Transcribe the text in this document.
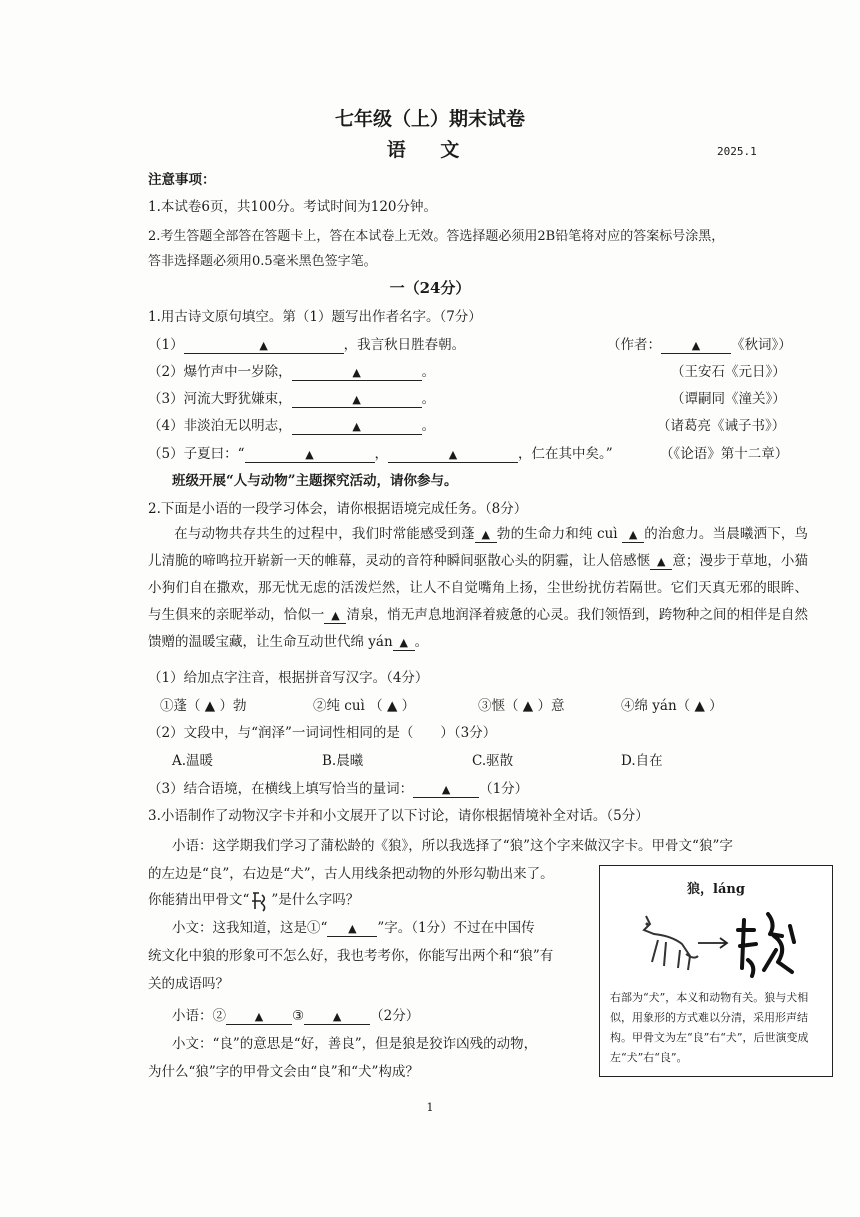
七年级（上）期末试卷
语 文	2025.1
注意事项：
1.本试卷6页，共100分。考试时间为120分钟。
2.考生答题全部答在答题卡上，答在本试卷上无效。答选择题必须用2B铅笔将对应的答案标号涂黑，
答非选择题必须用0.5毫米黑色签字笔。
一（24分）
1.用古诗文原句填空。第（1）题写出作者名字。（7分）
（1）	▲	，我言秋日胜春朝。	（作者：	▲ 《秋词》）
（2）爆竹声中一岁除，	▲	。	（王安石《元日》）
（3）河流大野犹嫌束，	▲	。	（谭嗣同《潼关》）
（4）非淡泊无以明志，	▲	。	（诸葛亮《诫子书》）
（5）子夏曰：“	▲	，	▲	，仁在其中矣。”	（《论语》第十二章）
班级开展“人与动物”主题探究活动，请你参与。
2.下面是小语的一段学习体会，请你根据语境完成任务。（8分）
在与动物共存共生的过程中，我们时常能感受到蓬 ▲ 勃的生命力和纯 cuì ▲ 的治愈力。当晨曦洒下，鸟儿清脆的啼鸣拉开崭新一天的帷幕，灵动的音符种瞬间驱散心头的阴霾，让人倍感惬 ▲ 意；漫步于草地，小猫小狗们自在撒欢，那无忧无虑的活泼烂然，让人不自觉嘴角上扬，尘世纷扰仿若隔世。它们天真无邪的眼眸、与生俱来的亲昵举动，恰似一 ▲ 清泉，悄无声息地润泽着疲惫的心灵。我们领悟到，跨物种之间的相伴是自然馈赠的温暖宝藏，让生命互动世代绵 yán ▲ 。
（1）给加点字注音，根据拼音写汉字。（4分）
①蓬（ ▲ ）勃	②纯 cuì （ ▲ ）	③惬（ ▲ ）意	④绵 yán（ ▲ ）
（2）文段中，与“润泽”一词词性相同的是（　　）（3分）
A.温暖	B.晨曦	C.驱散	D.自在
（3）结合语境，在横线上填写恰当的量词：	▲ （1分）
3.小语制作了动物汉字卡并和小文展开了以下讨论，请你根据情境补全对话。（5分）
小语：这学期我们学习了蒲松龄的《狼》，所以我选择了“狼”这个字来做汉字卡。甲骨文“狼”字
的左边是“良”，右边是“犬”，古人用线条把动物的外形勾勒出来了。
你能猜出甲骨文“ ”是什么字吗？
小文：这我知道，这是①“ ▲ ”字。（1分）不过在中国传
统文化中狼的形象可不怎么好，我也考考你，你能写出两个和“狼”有
关的成语吗？
小语：②	▲ ③	▲ （2分）
小文：“良”的意思是“好，善良”，但是狼是狡诈凶残的动物，
为什么“狼”字的甲骨文会由“良”和“犬”构成？
狼，láng
右部为“犬”，本义和动物有关。狼与犬相似，用象形的方式难以分清，采用形声结构。甲骨文为左“良”右“犬”，后世演变成左“犬”右“良”。
1
